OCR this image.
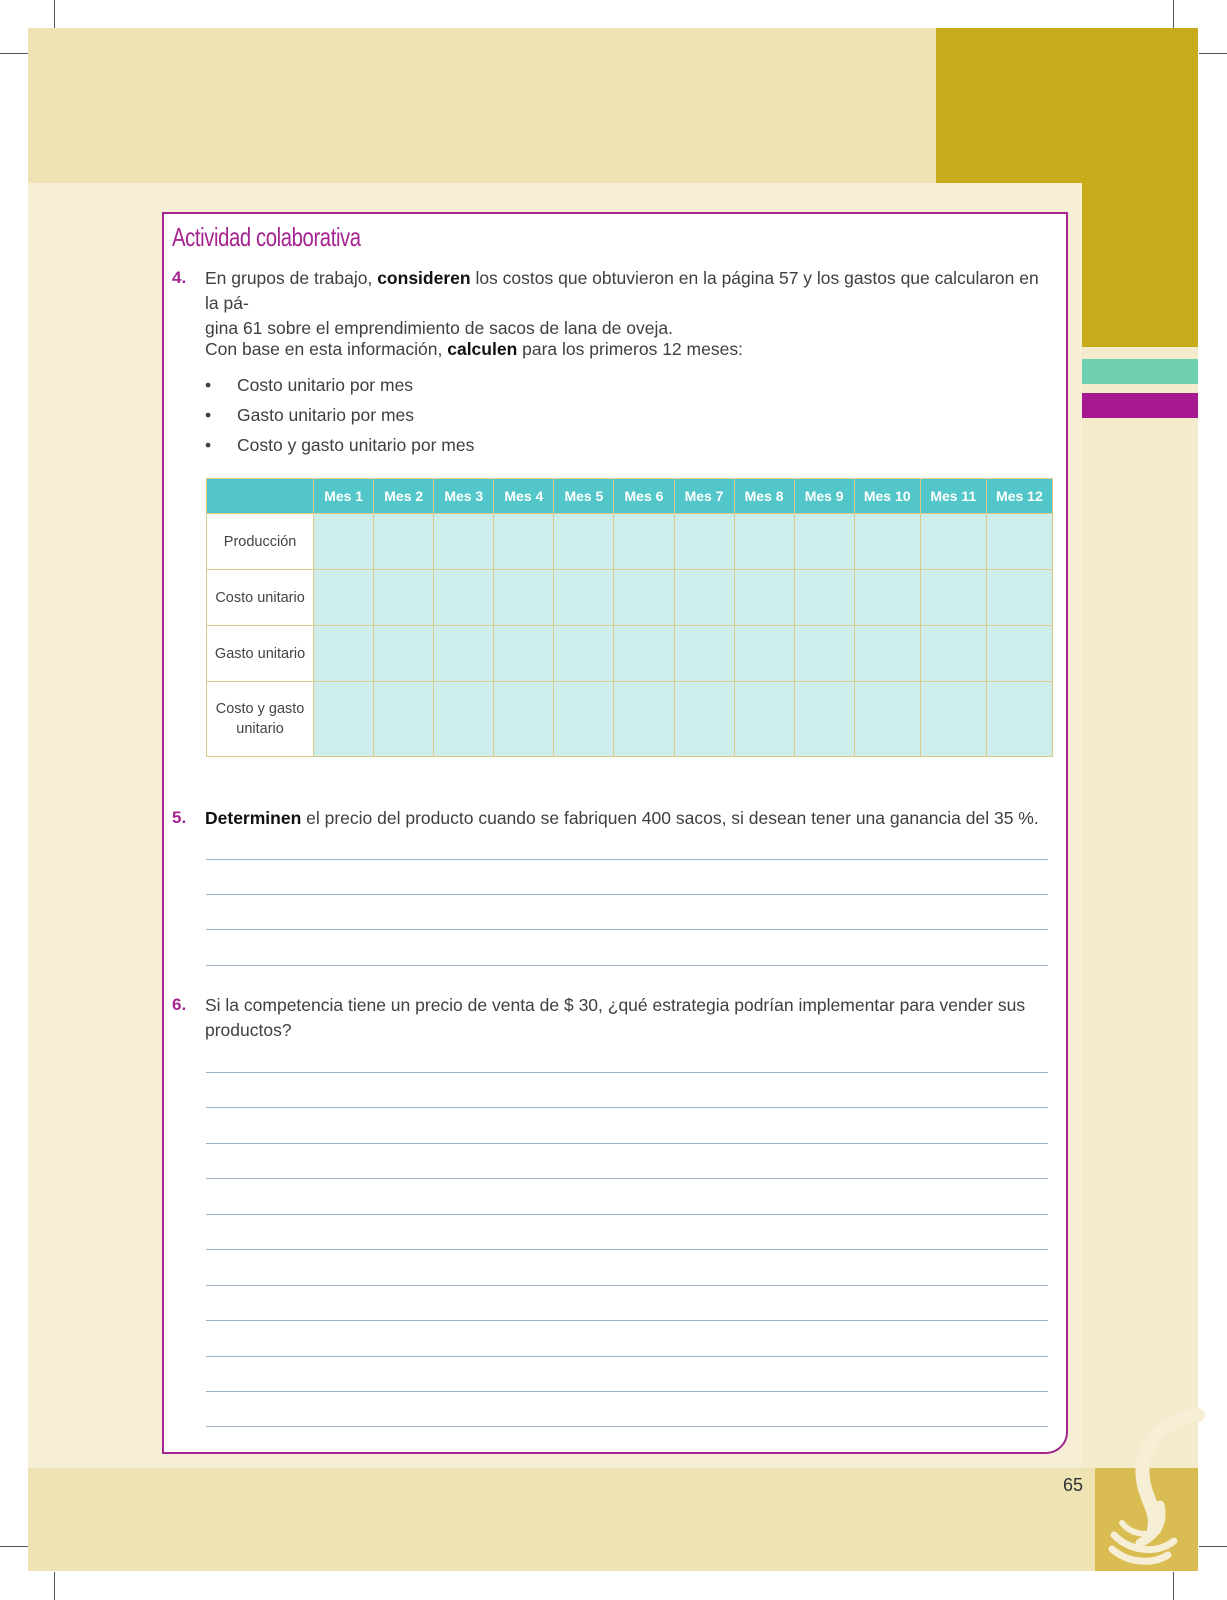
Actividad colaborativa
4. En grupos de trabajo, consideren los costos que obtuvieron en la página 57 y los gastos que calcularon en la pá-
gina 61 sobre el emprendimiento de sacos de lana de oveja.
Con base en esta información, calculen para los primeros 12 meses:
• Costo unitario por mes
• Gasto unitario por mes
• Costo y gasto unitario por mes
	Mes 1	Mes 2	Mes 3	Mes 4	Mes 5	Mes 6	Mes 7	Mes 8	Mes 9	Mes 10	Mes 11	Mes 12
Producción												
Costo unitario												
Gasto unitario												
Costo y gasto unitario												
5. Determinen el precio del producto cuando se fabriquen 400 sacos, si desean tener una ganancia del 35 %.
6. Si la competencia tiene un precio de venta de $ 30, ¿qué estrategia podrían implementar para vender sus
productos?
65
